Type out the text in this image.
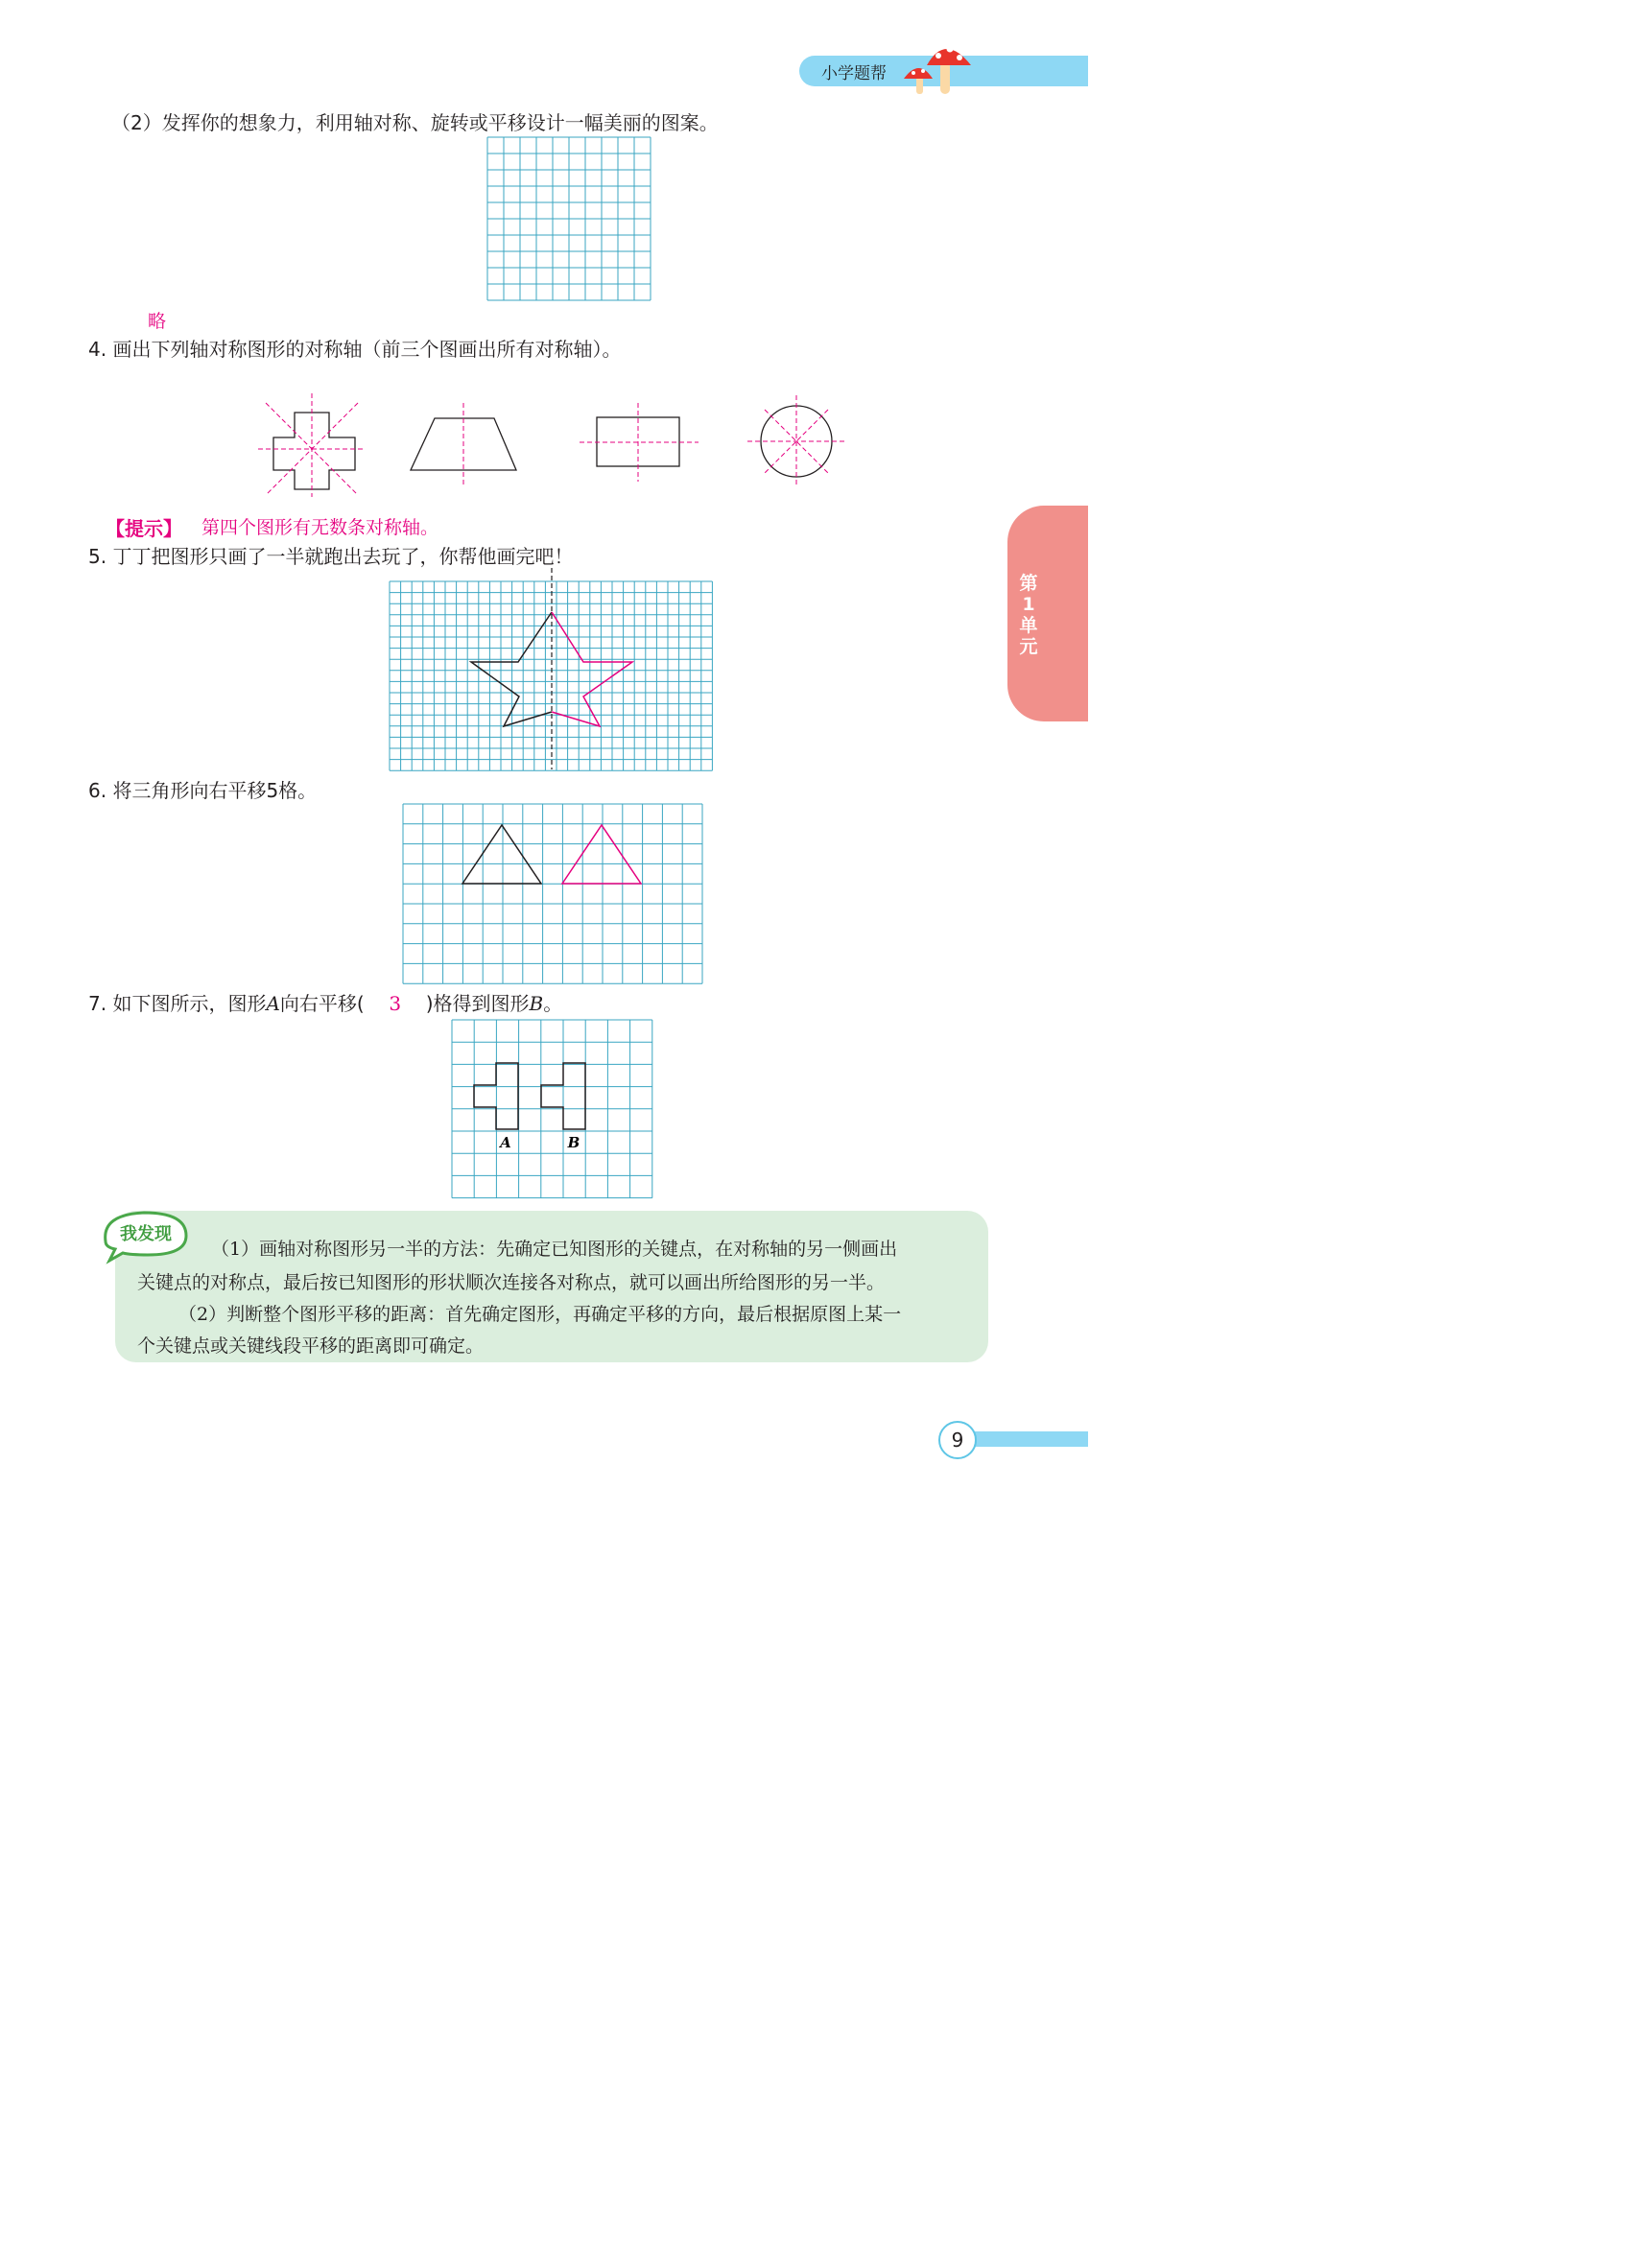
小学题帮
第1单元
（2）发挥你的想象力，利用轴对称、旋转或平移设计一幅美丽的图案。
略
4. 画出下列轴对称图形的对称轴（前三个图画出所有对称轴）。
【提示】 第四个图形有无数条对称轴。
5. 丁丁把图形只画了一半就跑出去玩了，你帮他画完吧！
6. 将三角形向右平移5格。
7. 如下图所示，图形A向右平移( 3 )格得到图形B。
A	B
我发现
（1）画轴对称图形另一半的方法：先确定已知图形的关键点，在对称轴的另一侧画出
关键点的对称点，最后按已知图形的形状顺次连接各对称点，就可以画出所给图形的另一半。
（2）判断整个图形平移的距离：首先确定图形，再确定平移的方向，最后根据原图上某一
个关键点或关键线段平移的距离即可确定。
9
